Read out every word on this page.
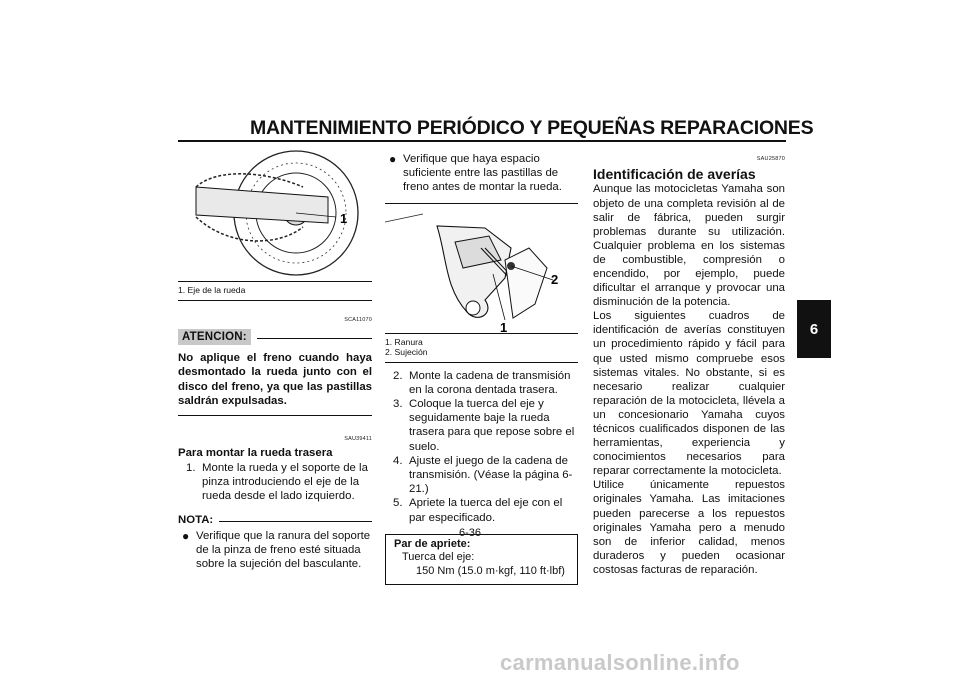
MANTENIMIENTO PERIÓDICO Y PEQUEÑAS REPARACIONES
6
1
1. Eje de la rueda
SCA11070
ATENCION:
No aplique el freno cuando haya desmontado la rueda junto con el disco del freno, ya que las pastillas saldrán expulsadas.
SAU39411
Para montar la rueda trasera
1. Monte la rueda y el soporte de la pinza introduciendo el eje de la rueda desde el lado izquierdo.
NOTA:
● Verifique que la ranura del soporte de la pinza de freno esté situada sobre la sujeción del basculante.
● Verifique que haya espacio suficiente entre las pastillas de freno antes de montar la rueda.
2
1
1. Ranura
2. Sujeción
2. Monte la cadena de transmisión en la corona dentada trasera.
3. Coloque la tuerca del eje y seguidamente baje la rueda trasera para que repose sobre el suelo.
4. Ajuste el juego de la cadena de transmisión. (Véase la página 6-21.)
5. Apriete la tuerca del eje con el par especificado.
Par de apriete:
Tuerca del eje:
150 Nm (15.0 m·kgf, 110 ft·lbf)
SAU25870
Identificación de averías
Aunque las motocicletas Yamaha son objeto de una completa revisión al de salir de fábrica, pueden surgir problemas durante su utilización. Cualquier problema en los sistemas de combustible, compresión o encendido, por ejemplo, puede dificultar el arranque y provocar una disminución de la potencia.
Los siguientes cuadros de identificación de averías constituyen un procedimiento rápido y fácil para que usted mismo compruebe esos sistemas vitales. No obstante, si es necesario realizar cualquier reparación de la motocicleta, llévela a un concesionario Yamaha cuyos técnicos cualificados disponen de las herramientas, experiencia y conocimientos necesarios para reparar correctamente la motocicleta.
Utilice únicamente repuestos originales Yamaha. Las imitaciones pueden parecerse a los repuestos originales Yamaha pero a menudo son de inferior calidad, menos duraderos y pueden ocasionar costosas facturas de reparación.
6-36
carmanualsonline.info
